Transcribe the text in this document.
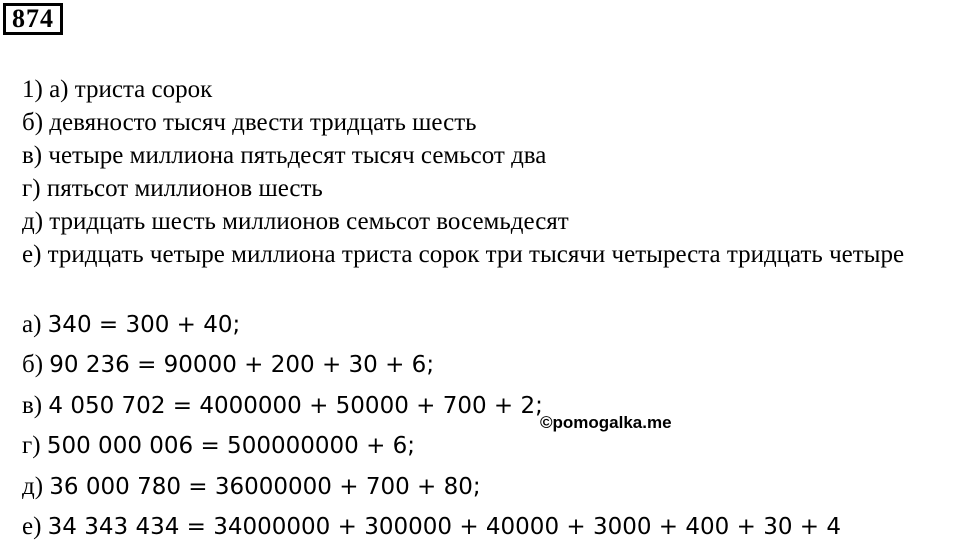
874
1) а) триста сорок
б) девяносто тысяч двести тридцать шесть
в) четыре миллиона пятьдесят тысяч семьсот два
г) пятьсот миллионов шесть
д) тридцать шесть миллионов семьсот восемьдесят
е) тридцать четыре миллиона триста сорок три тысячи четыреста тридцать четыре
а) 340 = 300 + 40;
б) 90 236 = 90000 + 200 + 30 + 6;
в) 4 050 702 = 4000000 + 50000 + 700 + 2;
г) 500 000 006 = 500000000 + 6;
д) 36 000 780 = 36000000 + 700 + 80;
е) 34 343 434 = 34000000 + 300000 + 40000 + 3000 + 400 + 30 + 4
©pomogalka.me
